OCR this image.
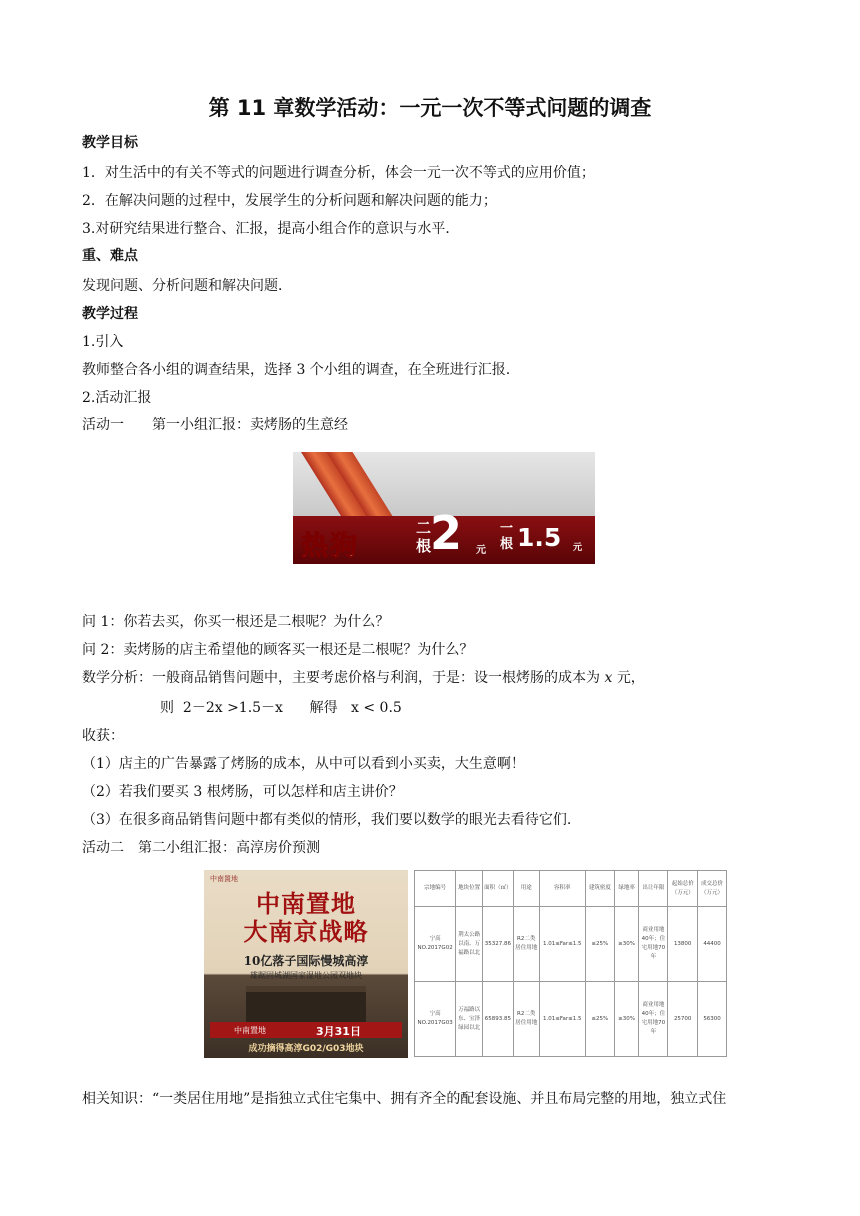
第 11 章数学活动：一元一次不等式问题的调查
教学目标
1．对生活中的有关不等式的问题进行调查分析，体会一元一次不等式的应用价值；
2．在解决问题的过程中，发展学生的分析问题和解决问题的能力；
3.对研究结果进行整合、汇报，提高小组合作的意识与水平．
重、难点
发现问题、分析问题和解决问题．
教学过程
1.引入
教师整合各小组的调查结果，选择 3 个小组的调查，在全班进行汇报.
2.活动汇报
活动一　　第一小组汇报：卖烤肠的生意经
热狗
二
根
2 元
一
根 1.5 元
问 1：你若去买，你买一根还是二根呢？为什么？
问 2：卖烤肠的店主希望他的顾客买一根还是二根呢？为什么？
数学分析：一般商品销售问题中，主要考虑价格与利润，于是：设一根烤肠的成本为 x 元，
则 2－2x >1.5－x 解得 x < 0.5
收获：
（1）店主的广告暴露了烤肠的成本，从中可以看到小买卖，大生意啊！
（2）若我们要买 3 根烤肠，可以怎样和店主讲价？
（3）在很多商品销售问题中都有类似的情形，我们要以数学的眼光去看待它们.
活动二　第二小组汇报：高淳房价预测
中南置地
中南置地
大南京战略
10亿落子国际慢城高淳
雄踞固城湖国家湿地公园双地块
中南置地	3月31日
成功摘得高淳G02/G03地块
宗地编号	地块位置	面积（㎡）	用途	容积率	建筑密度	绿地率	出让年限	起始总价（万元）	成交总价（万元）
宁高NO.2017G02	荆太公路以南、万福路以北	35327.86	R2二类居住用地	1.01≤Far≤1.5	≤25%	≥30%	商业用地40年；住宅用地70年	13800	44400
宁高NO.2017G03	万福路以东、宝泽绿园以北	65893.85	R2二类居住用地	1.01≤Far≤1.5	≤25%	≥30%	商业用地40年；住宅用地70年	25700	56300
相关知识：“一类居住用地”是指独立式住宅集中、拥有齐全的配套设施、并且布局完整的用地，独立式住
